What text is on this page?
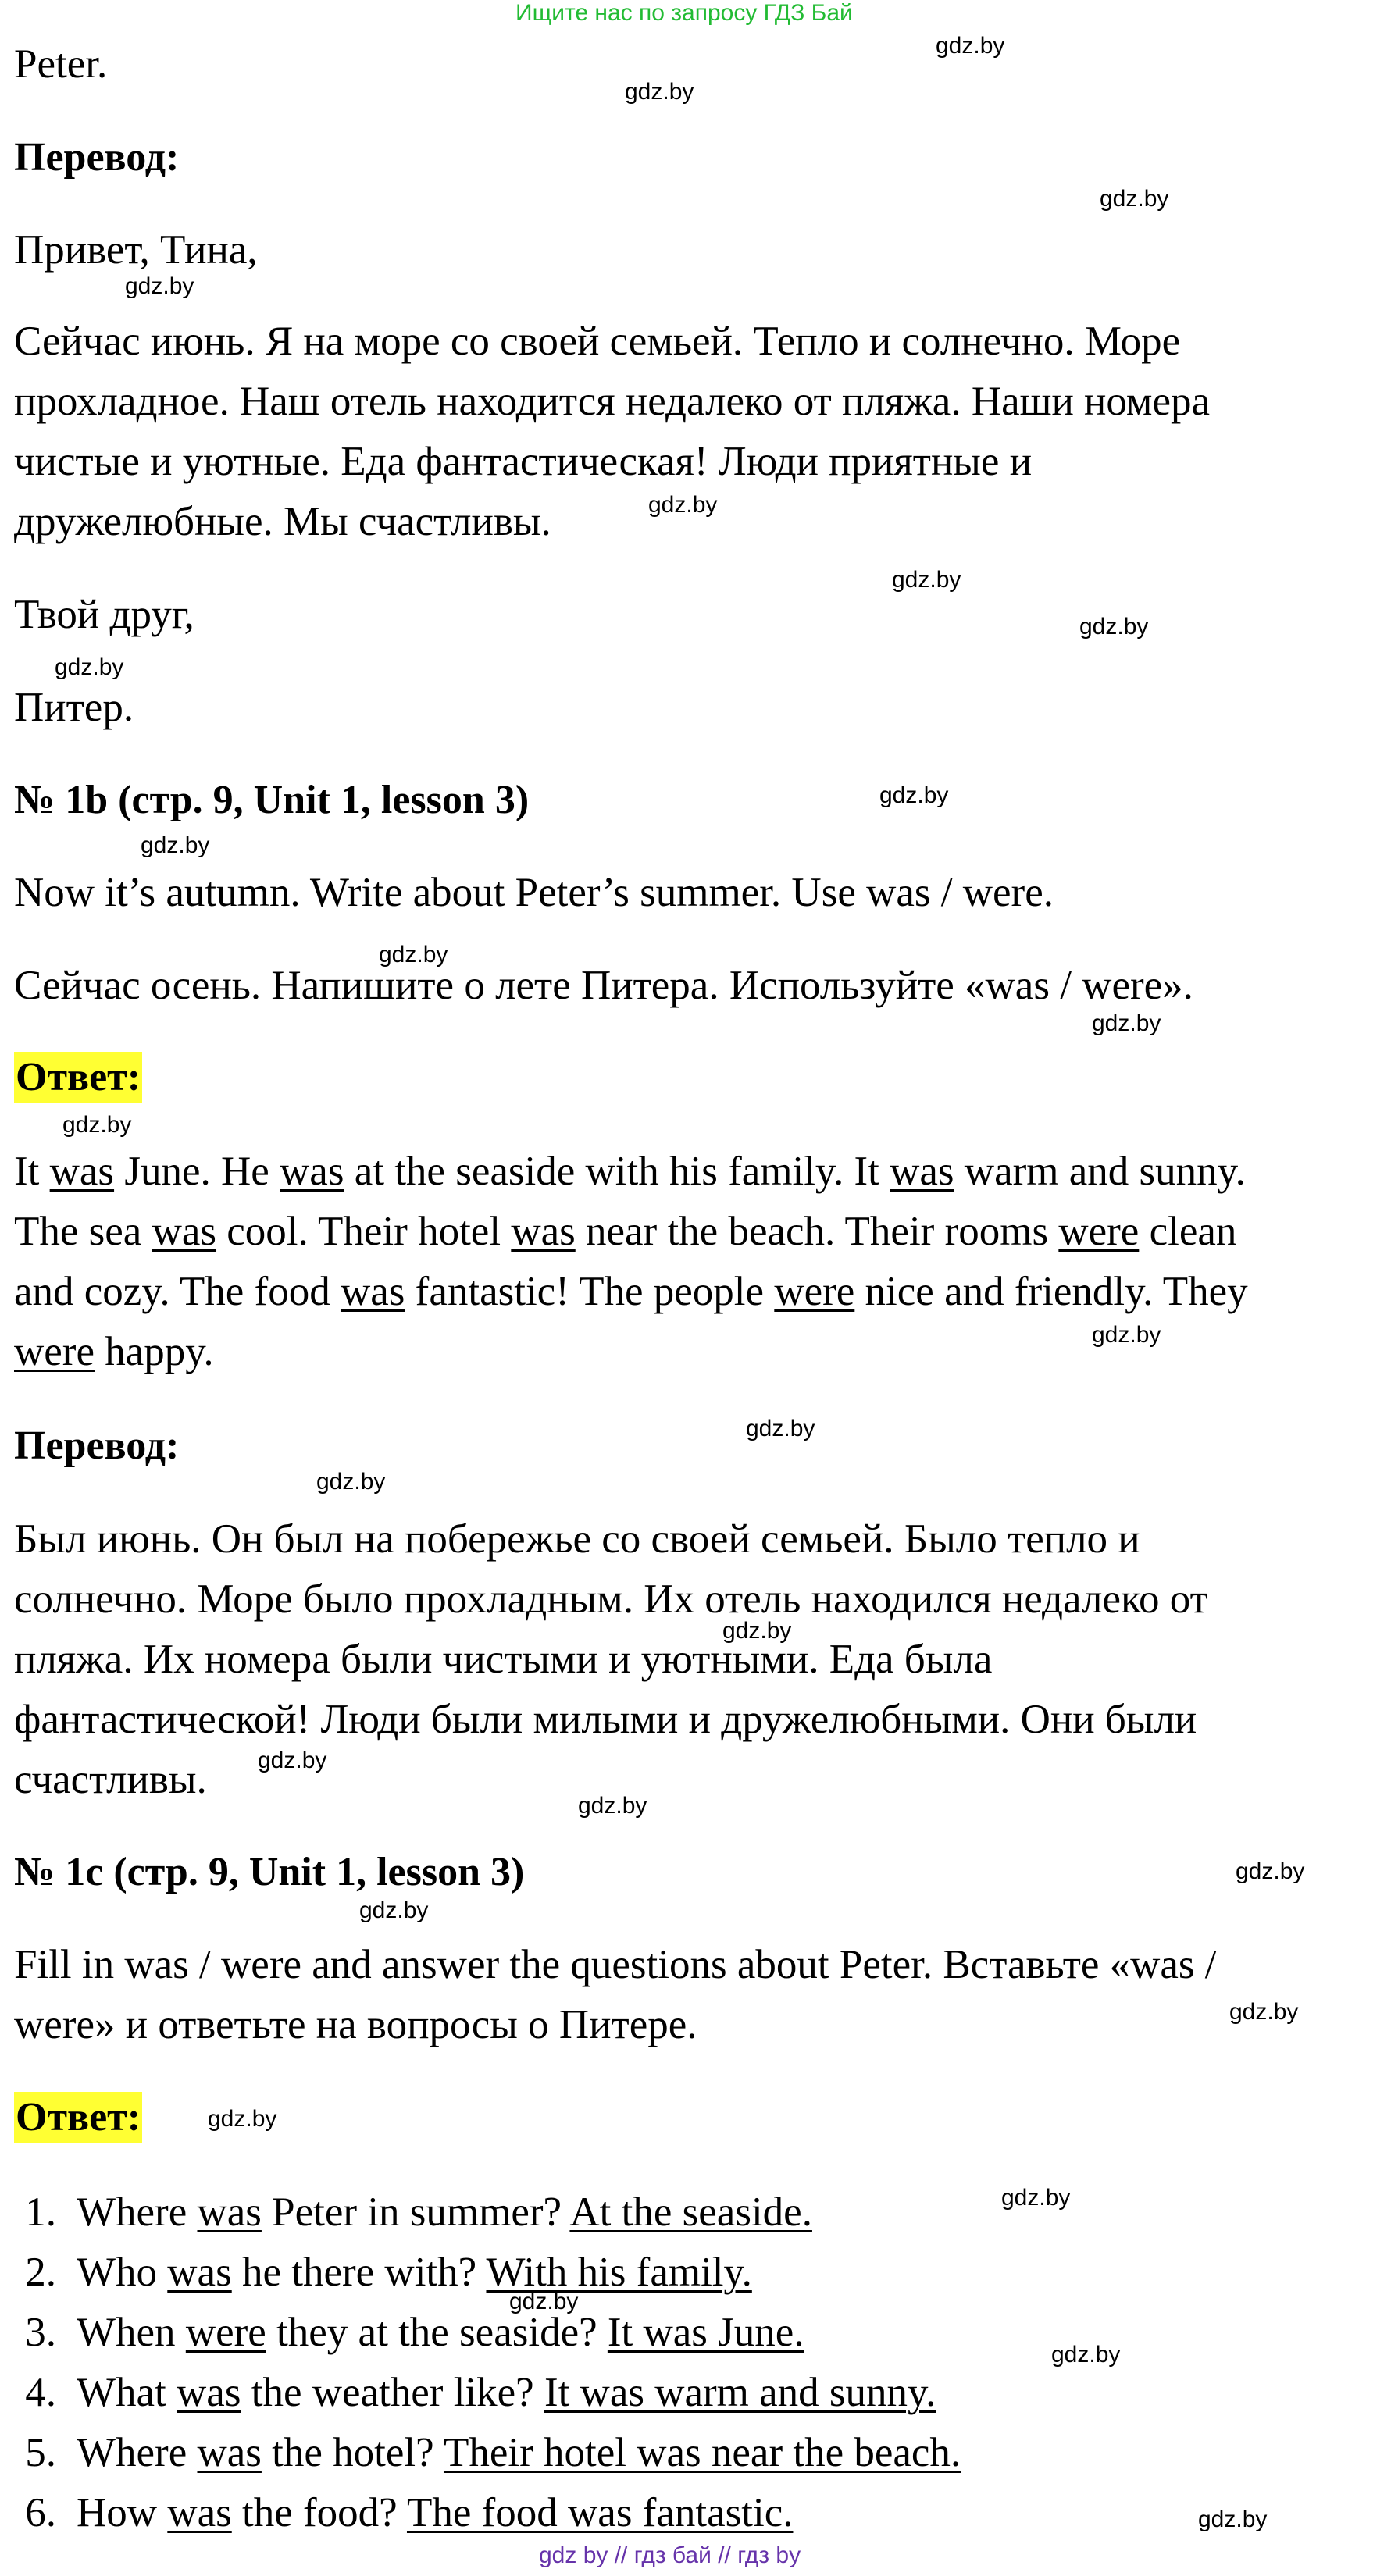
Ищите нас по запросу ГДЗ Бай
Peter.
Перевод:
Привет, Тина,
Сейчас июнь. Я на море со своей семьей. Тепло и солнечно. Море
прохладное. Наш отель находится недалеко от пляжа. Наши номера
чистые и уютные. Еда фантастическая! Люди приятные и
дружелюбные. Мы счастливы.
Твой друг,
Питер.
№ 1b (стр. 9, Unit 1, lesson 3)
Now it’s autumn. Write about Peter’s summer. Use was / were.
Сейчас осень. Напишите о лете Питера. Используйте «was / were».
Ответ:
It was June. He was at the seaside with his family. It was warm and sunny.
The sea was cool. Their hotel was near the beach. Their rooms were clean
and cozy. The food was fantastic! The people were nice and friendly. They
were happy.
Перевод:
Был июнь. Он был на побережье со своей семьей. Было тепло и
солнечно. Море было прохладным. Их отель находился недалеко от
пляжа. Их номера были чистыми и уютными. Еда была
фантастической! Люди были милыми и дружелюбными. Они были
счастливы.
№ 1c (стр. 9, Unit 1, lesson 3)
Fill in was / were and answer the questions about Peter. Вставьте «was /
were» и ответьте на вопросы о Питере.
Ответ:
1. Where was Peter in summer? At the seaside.
2. Who was he there with? With his family.
3. When were they at the seaside? It was June.
4. What was the weather like? It was warm and sunny.
5. Where was the hotel? Their hotel was near the beach.
6. How was the food? The food was fantastic.
gdz.by
gdz.by
gdz.by
gdz.by
gdz.by
gdz.by
gdz.by
gdz.by
gdz.by
gdz.by
gdz.by
gdz.by
gdz.by
gdz.by
gdz.by
gdz.by
gdz.by
gdz.by
gdz.by
gdz.by
gdz.by
gdz.by
gdz.by
gdz.by
gdz.by
gdz.by
gdz.by
gdz by // гдз бай // гдз by
